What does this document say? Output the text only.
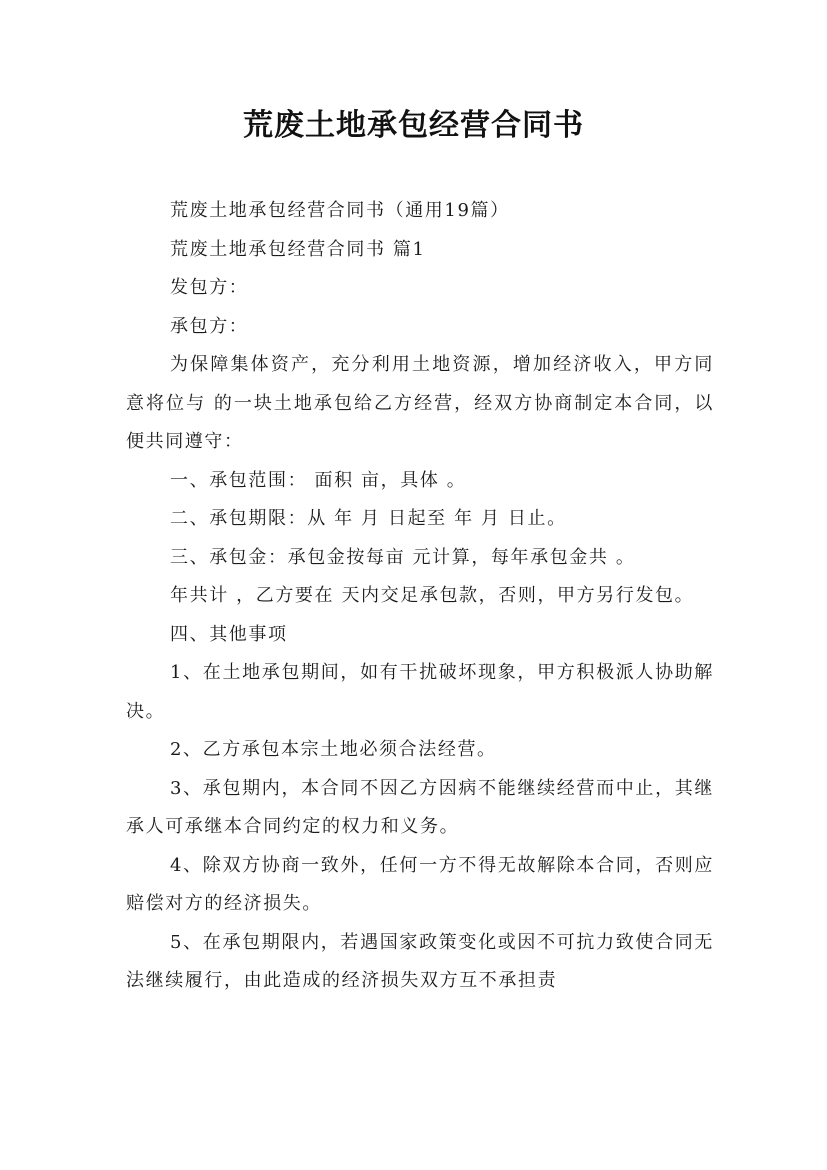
荒废土地承包经营合同书

荒废土地承包经营合同书（通用19篇）

荒废土地承包经营合同书 篇1

发包方：

承包方：

为保障集体资产，充分利用土地资源，增加经济收入，甲方同意将位与 的一块土地承包给乙方经营，经双方协商制定本合同，以便共同遵守：

一、承包范围： 面积 亩，具体 。

二、承包期限：从 年 月 日起至 年 月 日止。

三、承包金：承包金按每亩 元计算，每年承包金共 。

年共计 ，乙方要在 天内交足承包款，否则，甲方另行发包。

四、其他事项

1、在土地承包期间，如有干扰破坏现象，甲方积极派人协助解决。

2、乙方承包本宗土地必须合法经营。

3、承包期内，本合同不因乙方因病不能继续经营而中止，其继承人可承继本合同约定的权力和义务。

4、除双方协商一致外，任何一方不得无故解除本合同，否则应赔偿对方的经济损失。

5、在承包期限内，若遇国家政策变化或因不可抗力致使合同无法继续履行，由此造成的经济损失双方互不承担责
